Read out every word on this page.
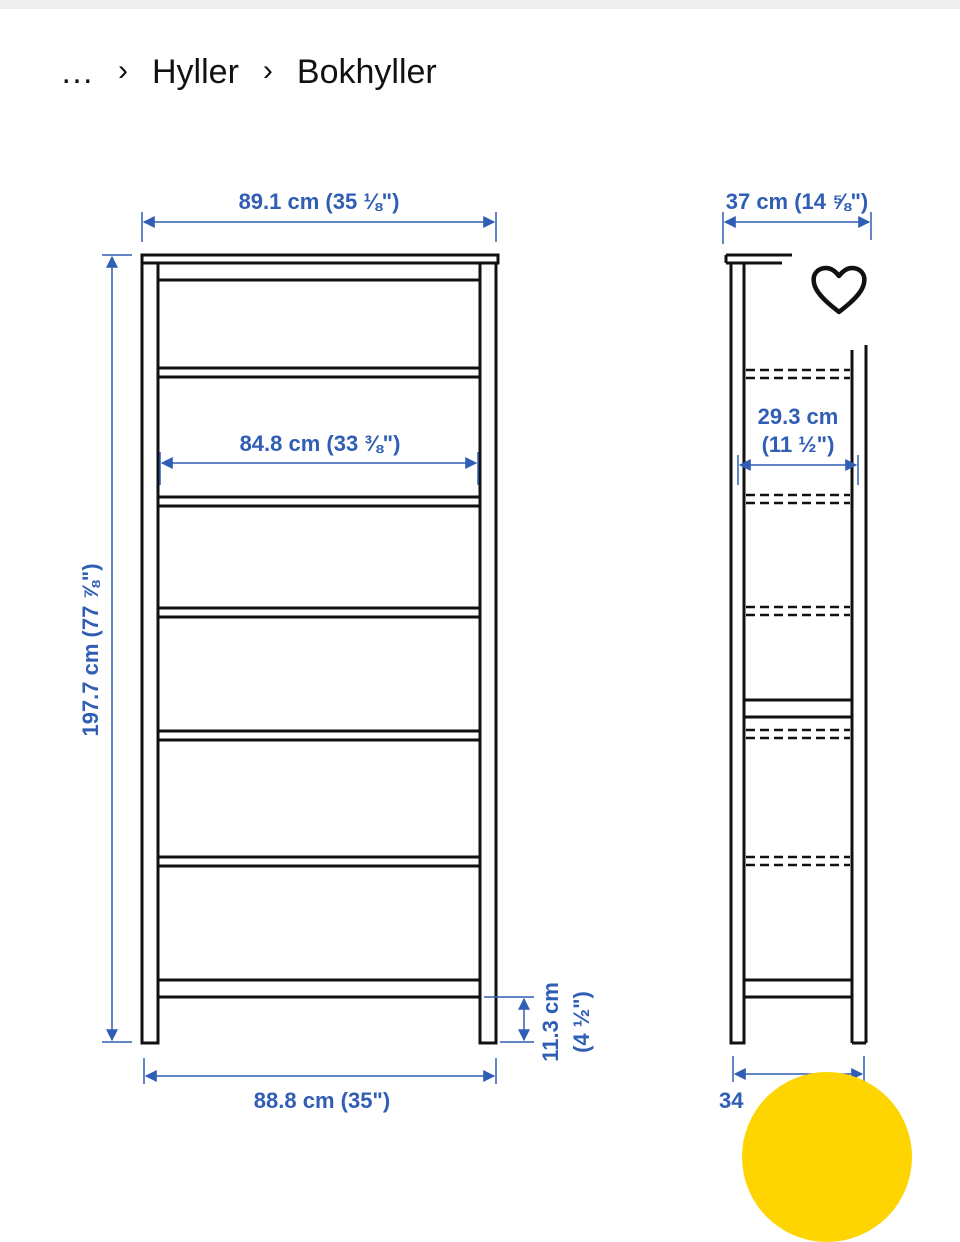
… › Hyller › Bokhyller
89.1 cm (35 ⅛")
84.8 cm (33 ⅜")
197.7 cm (77 ⅞")
11.3 cm (4 ½")
88.8 cm (35")
37 cm (14 ⅝")
29.3 cm
(11 ½")
34
